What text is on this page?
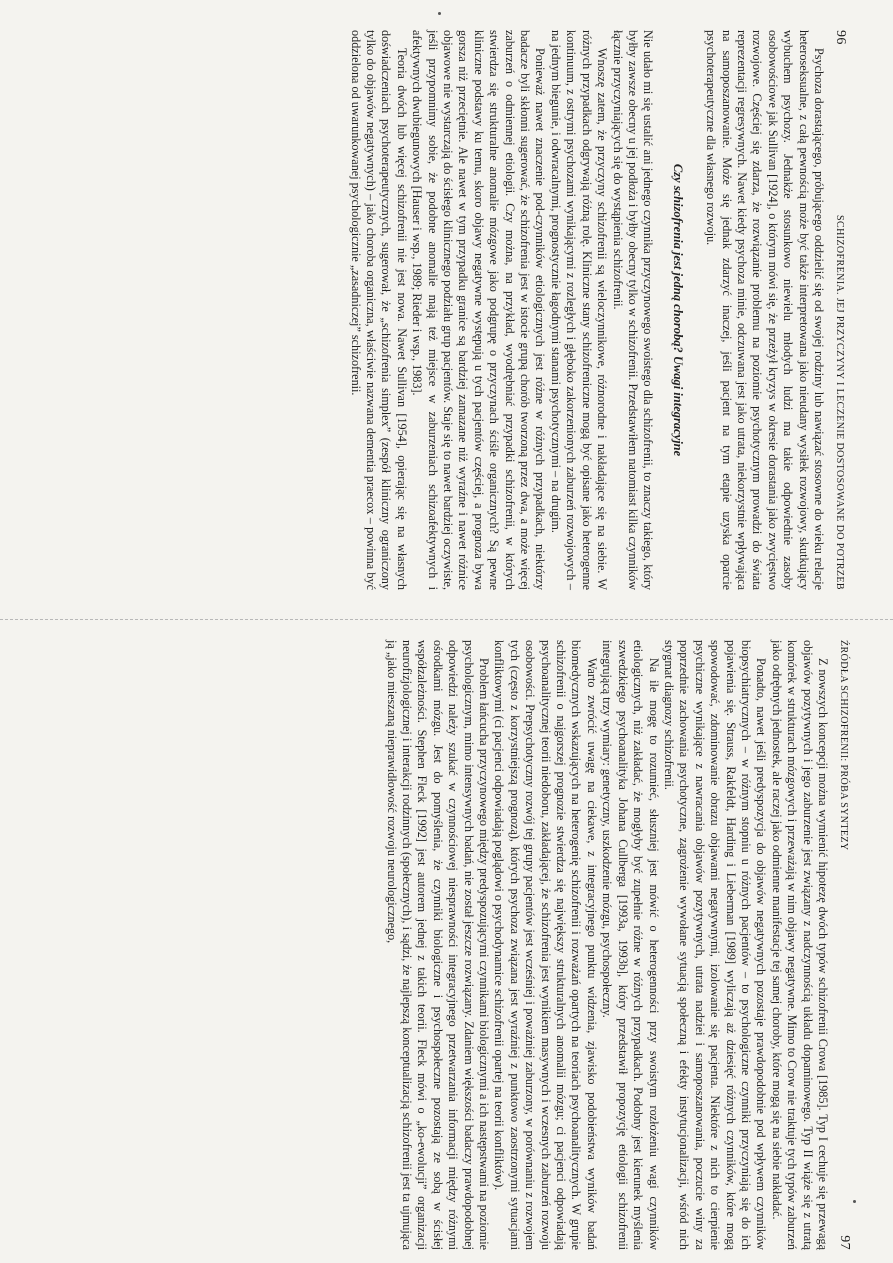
96
SCHIZOFRENIA. JEJ PRZYCZYNY I LECZENIE DOSTOSOWANE DO POTRZEB

Psychoza dorastającego, próbującego oddzielić się od swojej rodziny lub nawiązać stosowne do wieku relacje heteroseksualne, z całą pewnością może być także interpretowana jako nieudany wysiłek rozwojowy, skutkujący wybuchem psychozy. Jednakże stosunkowo niewielu młodych ludzi ma takie odpowiednie zasoby osobowościowe jak Sullivan [1924], o którym mówi się, że przeżył kryzys w okresie dorastania jako zwycięstwo rozwojowe. Częściej się zdarza, że rozwiązanie problemu na poziomie psychotycznym prowadzi do świata reprezentacji regresywnych. Nawet kiedy psychoza minie, odczuwana jest jako utrata, niekorzystnie wpływająca na samoposzanowanie. Może się jednak zdarzyć inaczej, jeśli pacjent na tym etapie uzyska oparcie psychoterapeutyczne dla własnego rozwoju.

Czy schizofrenia jest jedną chorobą? Uwagi integracyjne

Nie udało mi się ustalić ani jednego czynnika przyczynowego swoistego dla schizofrenii, to znaczy takiego, który byłby zawsze obecny u jej podłoża i byłby obecny tylko w schizofrenii. Przedstawiłem natomiast kilka czynników łącznie przyczyniających się do wystąpienia schizofrenii.

Wnoszę zatem, że przyczyny schizofrenii są wieloczynnikowe, różnorodne i nakładające się na siebie. W różnych przypadkach odgrywają różną rolę. Kliniczne stany schizofreniczne mogą być opisane jako heterogenne kontinuum, z ostrymi psychozami wynikającymi z rozległych i głęboko zakorzenionych zaburzeń rozwojowych – na jednym biegunie, i odwracalnymi, prognostycznie łagodnymi stanami psychotycznymi – na drugim.

Ponieważ nawet znaczenie pod-czynników etiologicznych jest różne w różnych przypadkach, niektórzy badacze byli skłonni sugerować, że schizofrenia jest w istocie grupą chorób tworzoną przez dwa, a może więcej zaburzeń o odmiennej etiologii. Czy można, na przykład, wyodrębniać przypadki schizofrenii, w których stwierdza się strukturalne anomalie mózgowe jako podgrupę o przyczynach ściśle organicznych? Są pewne kliniczne podstawy ku temu, skoro objawy negatywne występują u tych pacjentów częściej, a prognoza bywa gorsza niż przeciętnie. Ale nawet w tym przypadku granice są bardziej zamazane niż wyraźne i nawet różnice objawowe nie wystarczają do ścisłego klinicznego podziału grup pacjentów. Staje się to nawet bardziej oczywiste, jeśli przypomnimy sobie, że podobne anomalie mają też miejsce w zaburzeniach schizoafektywnych i afektywnych dwubiegunowych [Hauser i wsp., 1989; Rieder i wsp., 1983].

Teoria dwóch lub więcej schizofrenii nie jest nowa. Nawet Sullivan [1954], opierając się na własnych doświadczeniach psychoterapeutycznych, sugerował, że „schizofrenia simplex” (zespół kliniczny ograniczony tylko do objawów negatywnych) – jako choroba organiczna, właściwie nazwana dementia praecox – powinna być oddzielona od uwarunkowanej psychologicznie „zasadniczej” schizofrenii.

ŹRÓDŁA SCHIZOFRENII: PRÓBA SYNTEZY
97

Z nowszych koncepcji można wymienić hipotezę dwóch typów schizofrenii Crowa [1985]. Typ I cechuje się przewagą objawów pozytywnych i jego zaburzenie jest związany z nadczynnością układu dopaminowego. Typ II wiąże się z utratą komórek w strukturach mózgowych i przeważają w nim objawy negatywne. Mimo to Crow nie traktuje tych typów zaburzeń jako odrębnych jednostek, ale raczej jako odmienne manifestacje tej samej choroby, które mogą się na siebie nakładać.

Ponadto, nawet jeśli predyspozycja do objawów negatywnych pozostaje prawdopodobnie pod wpływem czynników biopsychiatrycznych – w różnym stopniu u różnych pacjentów – to psychologiczne czynniki przyczyniają się do ich pojawienia się. Strauss, Rakfeldt, Harding i Lieberman [1989] wyliczają aż dziesięć różnych czynników, które mogą spowodować, zdominowanie obrazu objawami negatywnymi, izolowanie się pacjenta. Niektóre z nich to cierpienie psychiczne wynikające z nawracania objawów pozytywnych, utrata nadziei i samoposzanowania, poczucie winy za poprzednie zachowania psychotyczne, zagrożenie wywołane sytuacją społeczną i efekty instytucjonalizacji, wśród nich stygmat diagnozy schizofrenii.

Na ile mogę to rozumieć, słuszniej jest mówić o heterogenności przy swoistym rozłożeniu wagi czynników etiologicznych, niż zakładać, że mogłyby być zupełnie różne w różnych przypadkach. Podobny jest kierunek myślenia szwedzkiego psychoanalityka Johana Cullberga [1993a, 1993b], który przedstawił propozycję etiologii schizofrenii integrującą trzy wymiary: genetyczny, uszkodzenie mózgu, psychospołeczny.

Warto zwrócić uwagę na ciekawe, z integracyjnego punktu widzenia, zjawisko podobieństwa wyników badań biomedycznych wskazujących na heterogenię schizofrenii i rozważań opartych na teoriach psychoanalitycznych. W grupie schizofrenii o najgorszej prognozie stwierdza się największy strukturalnych anomalii mózgu; ci pacjenci odpowiadają psychoanalitycznej teorii niedoboru, zakładającej, że schizofrenia jest wynikiem masywnych i wczesnych zaburzeń rozwoju osobowości. Prepsychotyczny rozwój tej grupy pacjentów jest wcześniej i poważniej zaburzony, w porównaniu z rozwojem tych (często z korzystniejszą prognozą), których psychoza związana jest wyraźniej z punktowo zaostrzonymi sytuacjami konfliktowymi (ci pacjenci odpowiadają poglądowi o psychodynamice schizofrenii opartej na teorii konfliktów).

Problem łańcucha przyczynowego między predyspozującymi czynnikami biologicznymi a ich następstwami na poziomie psychologicznym, mimo intensywnych badań, nie został jeszcze rozwiązany. Zdaniem większości badaczy prawdopodobnej odpowiedzi należy szukać w czynnościowej niesprawności integracyjnego przetwarzania informacji między różnymi ośrodkami mózgu. Jest do pomyślenia, że czynniki biologiczne i psychospołeczne pozostają ze sobą w ścisłej współzależności. Stephen Fleck [1992] jest autorem jednej z takich teorii. Fleck mówi o „ko-ewolucji” organizacji neurofizjologicznej i interakcji rodzinnych (społecznych), i sądzi, że najlepszą konceptualizacją schizofrenii jest ta ujmująca ją „jako mieszaną nieprawidłowość rozwoju neurologicznego,
